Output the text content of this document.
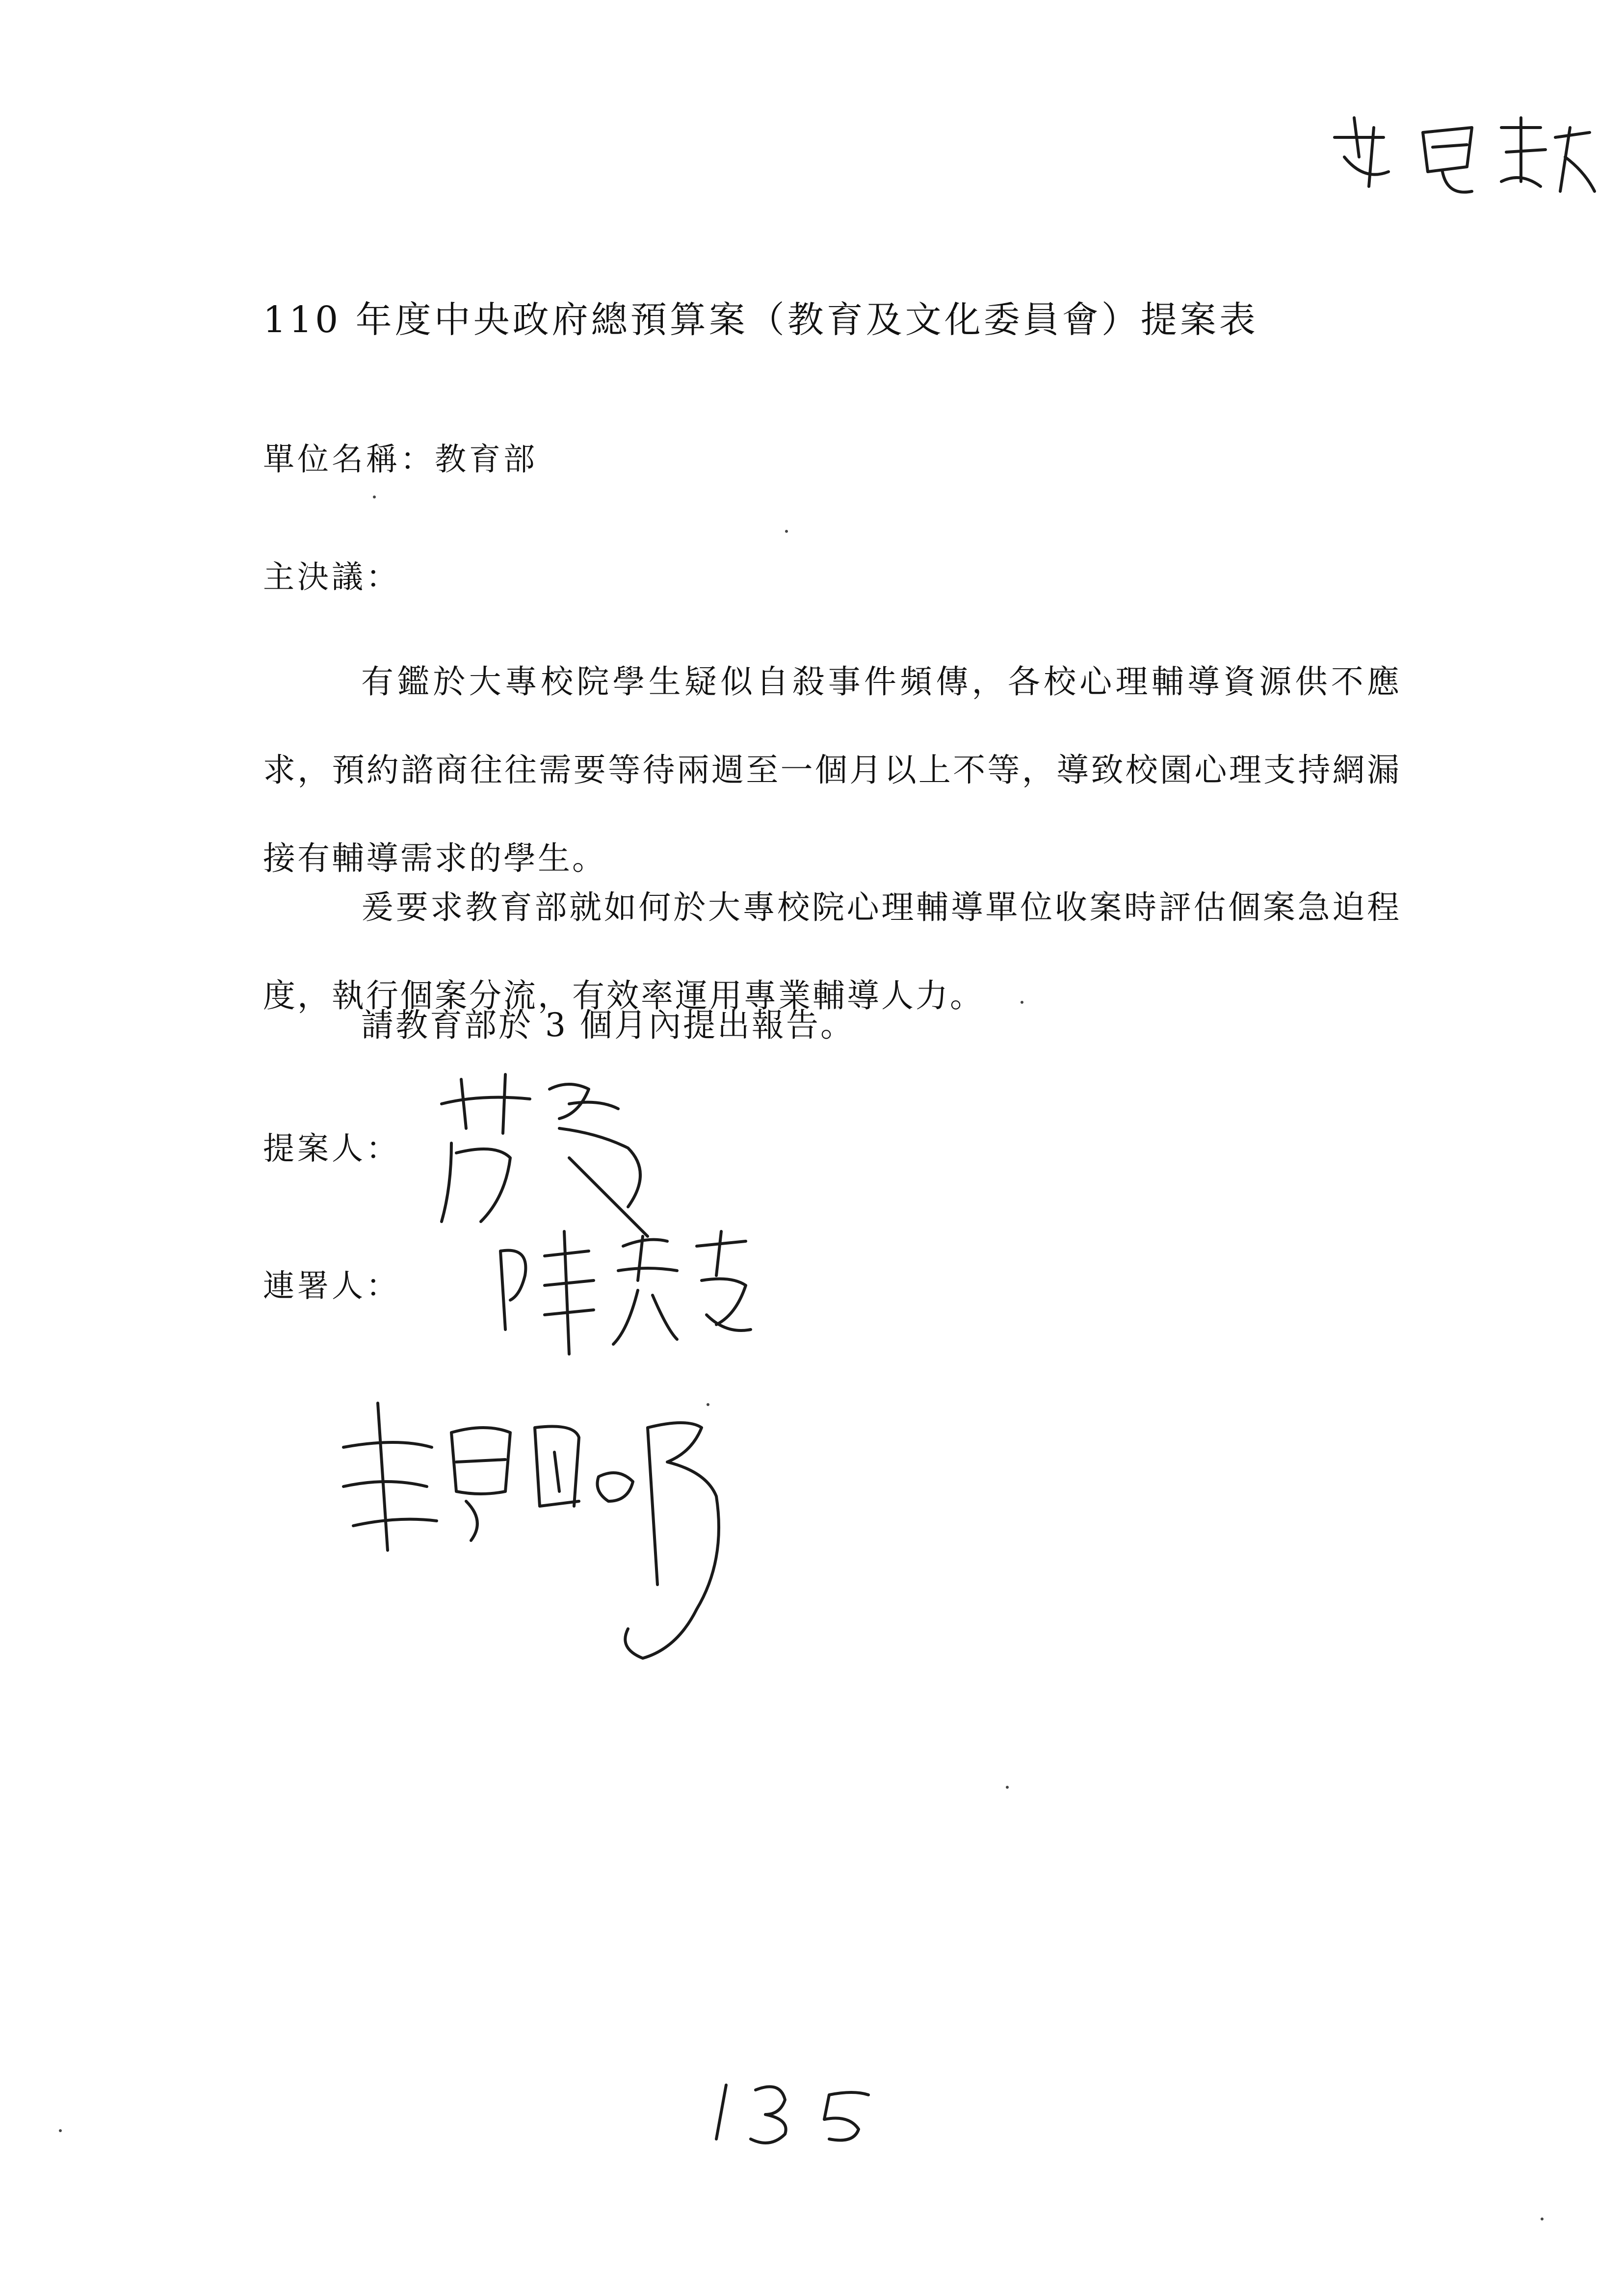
110 年度中央政府總預算案（教育及文化委員會）提案表
單位名稱：教育部
主決議：
有鑑於大專校院學生疑似自殺事件頻傳，各校心理輔導資源供不應求，預約諮商往往需要等待兩週至一個月以上不等，導致校園心理支持網漏接有輔導需求的學生。
爰要求教育部就如何於大專校院心理輔導單位收案時評估個案急迫程度，執行個案分流，有效率運用專業輔導人力。
請教育部於 3 個月內提出報告。
提案人：
連署人：
